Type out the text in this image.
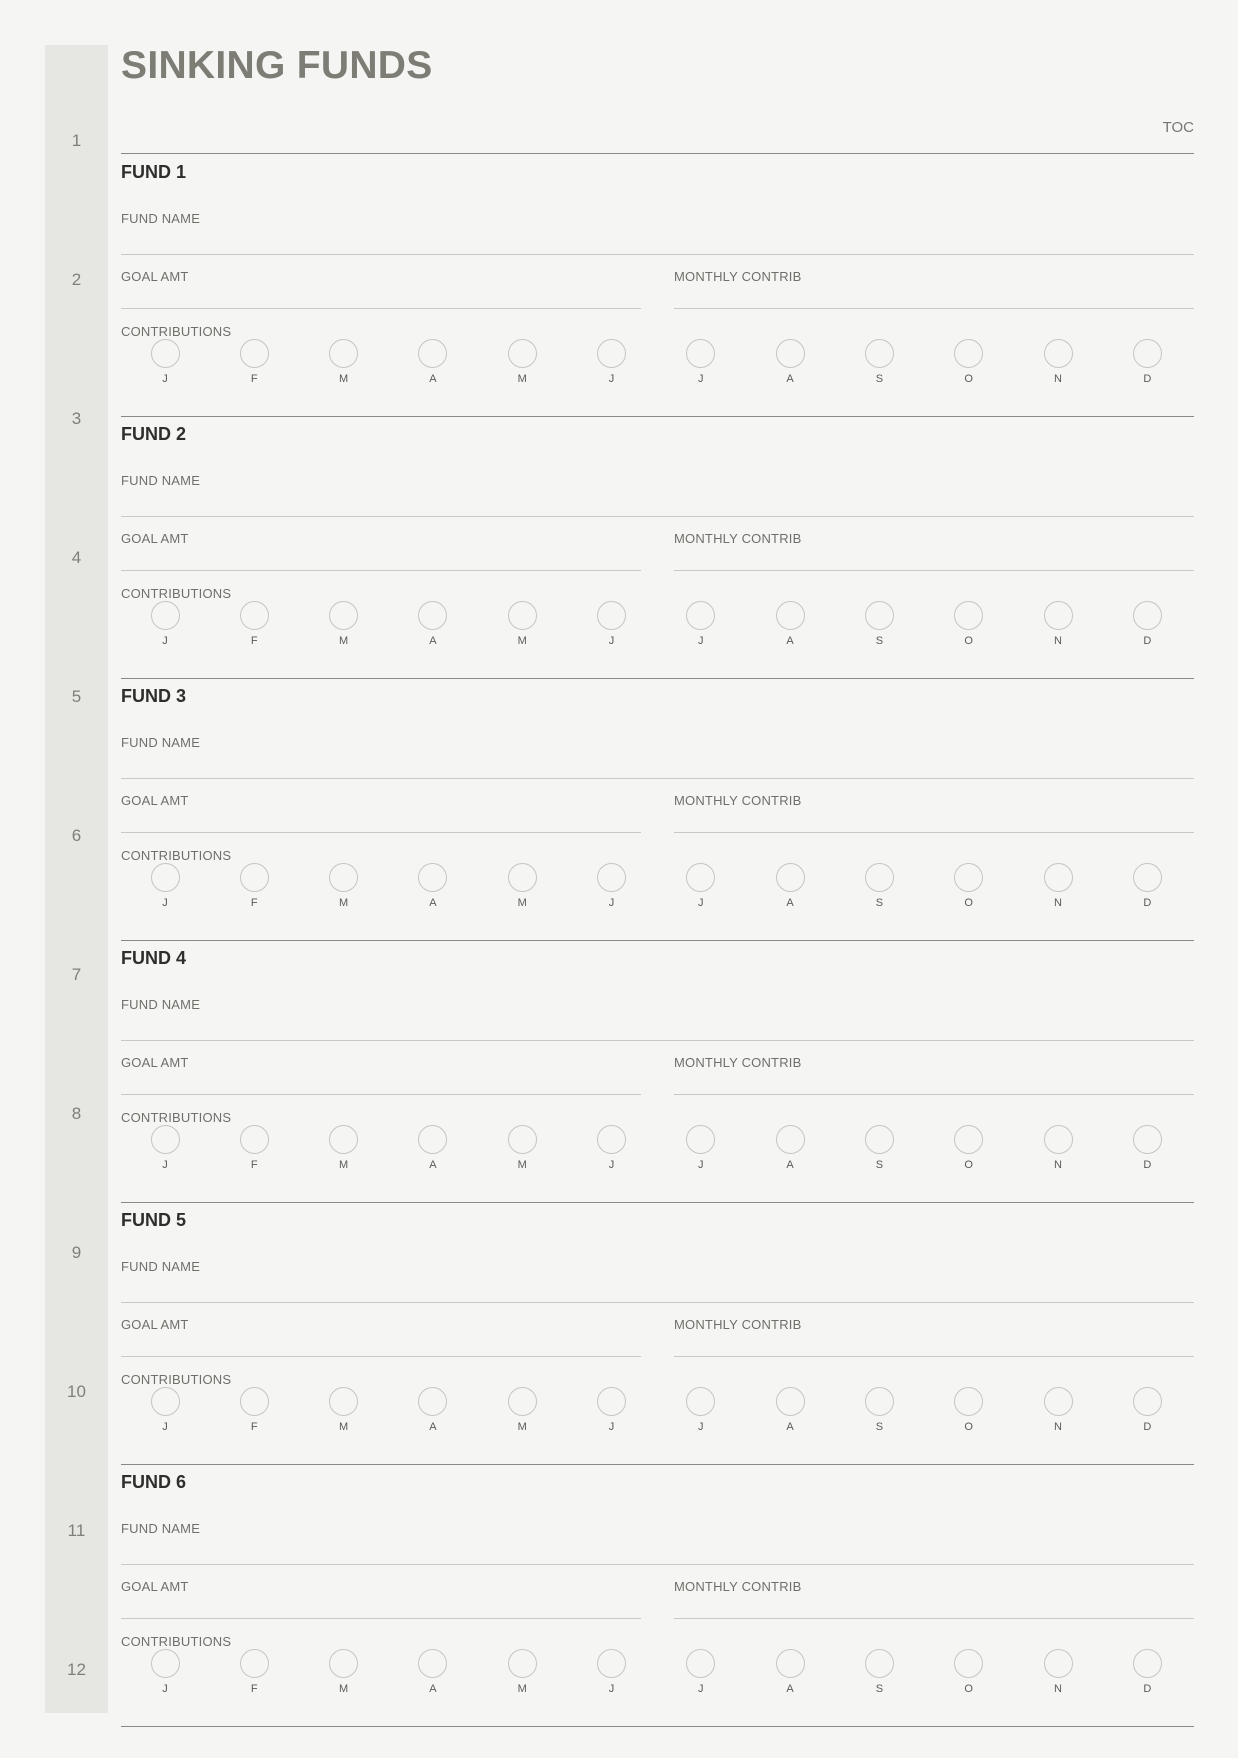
1
2
3
4
5
6
7
8
9
10
11
12
SINKING FUNDS
TOC
FUND 1
FUND NAME
GOAL AMT	MONTHLY CONTRIB
CONTRIBUTIONS
J	F	M	A	M	J	J	A	S	O	N	D
FUND 2
FUND NAME
GOAL AMT	MONTHLY CONTRIB
CONTRIBUTIONS
J	F	M	A	M	J	J	A	S	O	N	D
FUND 3
FUND NAME
GOAL AMT	MONTHLY CONTRIB
CONTRIBUTIONS
J	F	M	A	M	J	J	A	S	O	N	D
FUND 4
FUND NAME
GOAL AMT	MONTHLY CONTRIB
CONTRIBUTIONS
J	F	M	A	M	J	J	A	S	O	N	D
FUND 5
FUND NAME
GOAL AMT	MONTHLY CONTRIB
CONTRIBUTIONS
J	F	M	A	M	J	J	A	S	O	N	D
FUND 6
FUND NAME
GOAL AMT	MONTHLY CONTRIB
CONTRIBUTIONS
J	F	M	A	M	J	J	A	S	O	N	D
